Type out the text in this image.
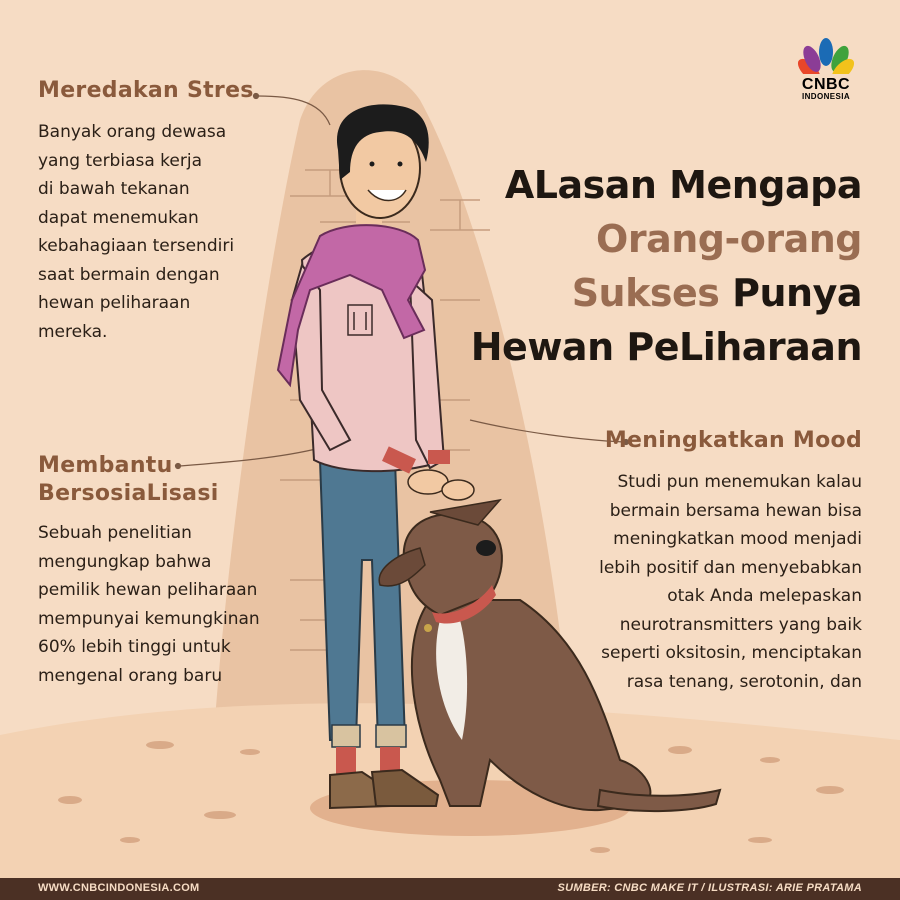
CNBC
INDONESIA
ALasan Mengapa
Orang-orang
Sukses Punya
Hewan PeLiharaan
Meredakan Stres
Banyak orang dewasa
yang terbiasa kerja
di bawah tekanan
dapat menemukan
kebahagiaan tersendiri
saat bermain dengan
hewan peliharaan
mereka.
Membantu
BersosiaLisasi
Sebuah penelitian
mengungkap bahwa
pemilik hewan peliharaan
mempunyai kemungkinan
60% lebih tinggi untuk
mengenal orang baru
Meningkatkan Mood
Studi pun menemukan kalau
bermain bersama hewan bisa
meningkatkan mood menjadi
lebih positif dan menyebabkan
otak Anda melepaskan
neurotransmitters yang baik
seperti oksitosin, menciptakan
rasa tenang, serotonin, dan
WWW.CNBCINDONESIA.COM	SUMBER: CNBC MAKE IT / ILUSTRASI: ARIE PRATAMA
